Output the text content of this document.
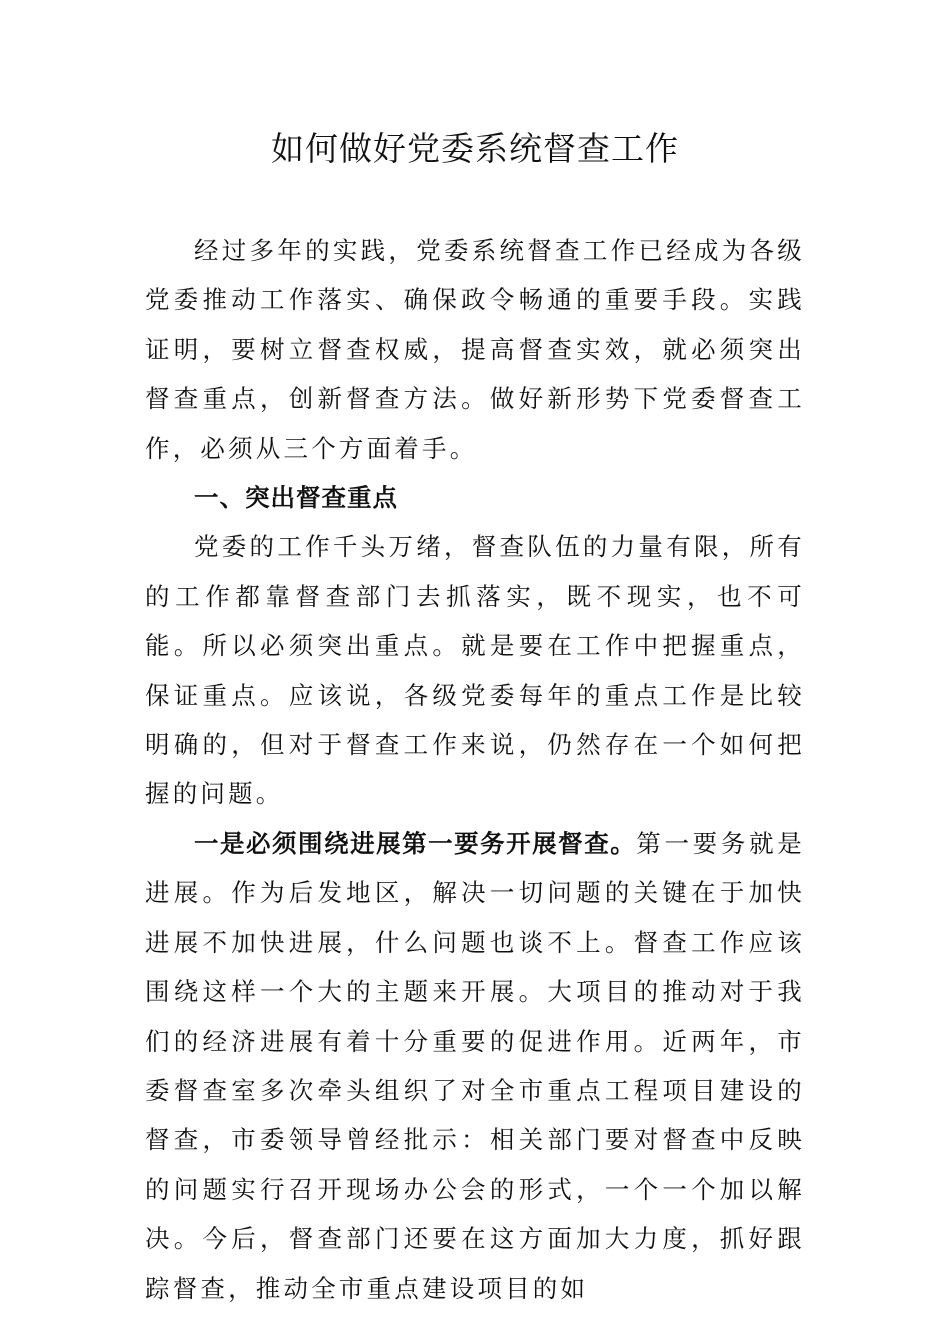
如何做好党委系统督查工作

经过多年的实践，党委系统督查工作已经成为各级党委推动工作落实、确保政令畅通的重要手段。实践证明，要树立督查权威，提高督查实效，就必须突出督查重点，创新督查方法。做好新形势下党委督查工作，必须从三个方面着手。

一、突出督查重点

党委的工作千头万绪，督查队伍的力量有限，所有的工作都靠督查部门去抓落实，既不现实，也不可能。所以必须突出重点。就是要在工作中把握重点，保证重点。应该说，各级党委每年的重点工作是比较明确的，但对于督查工作来说，仍然存在一个如何把握的问题。

一是必须围绕进展第一要务开展督查。第一要务就是进展。作为后发地区，解决一切问题的关键在于加快进展不加快进展，什么问题也谈不上。督查工作应该围绕这样一个大的主题来开展。大项目的推动对于我们的经济进展有着十分重要的促进作用。近两年，市委督查室多次牵头组织了对全市重点工程项目建设的督查，市委领导曾经批示：相关部门要对督查中反映的问题实行召开现场办公会的形式，一个一个加以解决。今后，督查部门还要在这方面加大力度，抓好跟踪督查，推动全市重点建设项目的如
